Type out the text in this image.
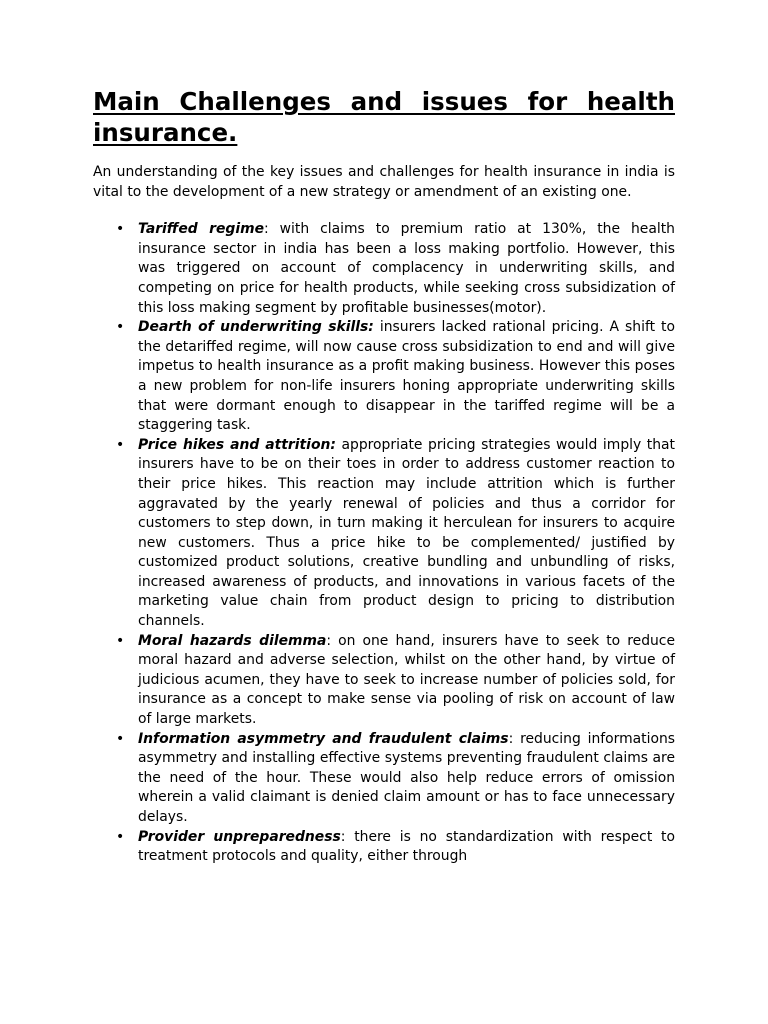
Main Challenges and issues for health insurance.

An understanding of the key issues and challenges for health insurance in india is vital to the development of a new strategy or amendment of an existing one.

• Tariffed regime: with claims to premium ratio at 130%, the health insurance sector in india has been a loss making portfolio. However, this was triggered on account of complacency in underwriting skills, and competing on price for health products, while seeking cross subsidization of this loss making segment by profitable businesses(motor).
• Dearth of underwriting skills: insurers lacked rational pricing. A shift to the detariffed regime, will now cause cross subsidization to end and will give impetus to health insurance as a profit making business. However this poses a new problem for non-life insurers honing appropriate underwriting skills that were dormant enough to disappear in the tariffed regime will be a staggering task.
• Price hikes and attrition: appropriate pricing strategies would imply that insurers have to be on their toes in order to address customer reaction to their price hikes. This reaction may include attrition which is further aggravated by the yearly renewal of policies and thus a corridor for customers to step down, in turn making it herculean for insurers to acquire new customers. Thus a price hike to be complemented/ justified by customized product solutions, creative bundling and unbundling of risks, increased awareness of products, and innovations in various facets of the marketing value chain from product design to pricing to distribution channels.
• Moral hazards dilemma: on one hand, insurers have to seek to reduce moral hazard and adverse selection, whilst on the other hand, by virtue of judicious acumen, they have to seek to increase number of policies sold, for insurance as a concept to make sense via pooling of risk on account of law of large markets.
• Information asymmetry and fraudulent claims: reducing informations asymmetry and installing effective systems preventing fraudulent claims are the need of the hour. These would also help reduce errors of omission wherein a valid claimant is denied claim amount or has to face unnecessary delays.
• Provider unpreparedness: there is no standardization with respect to treatment protocols and quality, either through
